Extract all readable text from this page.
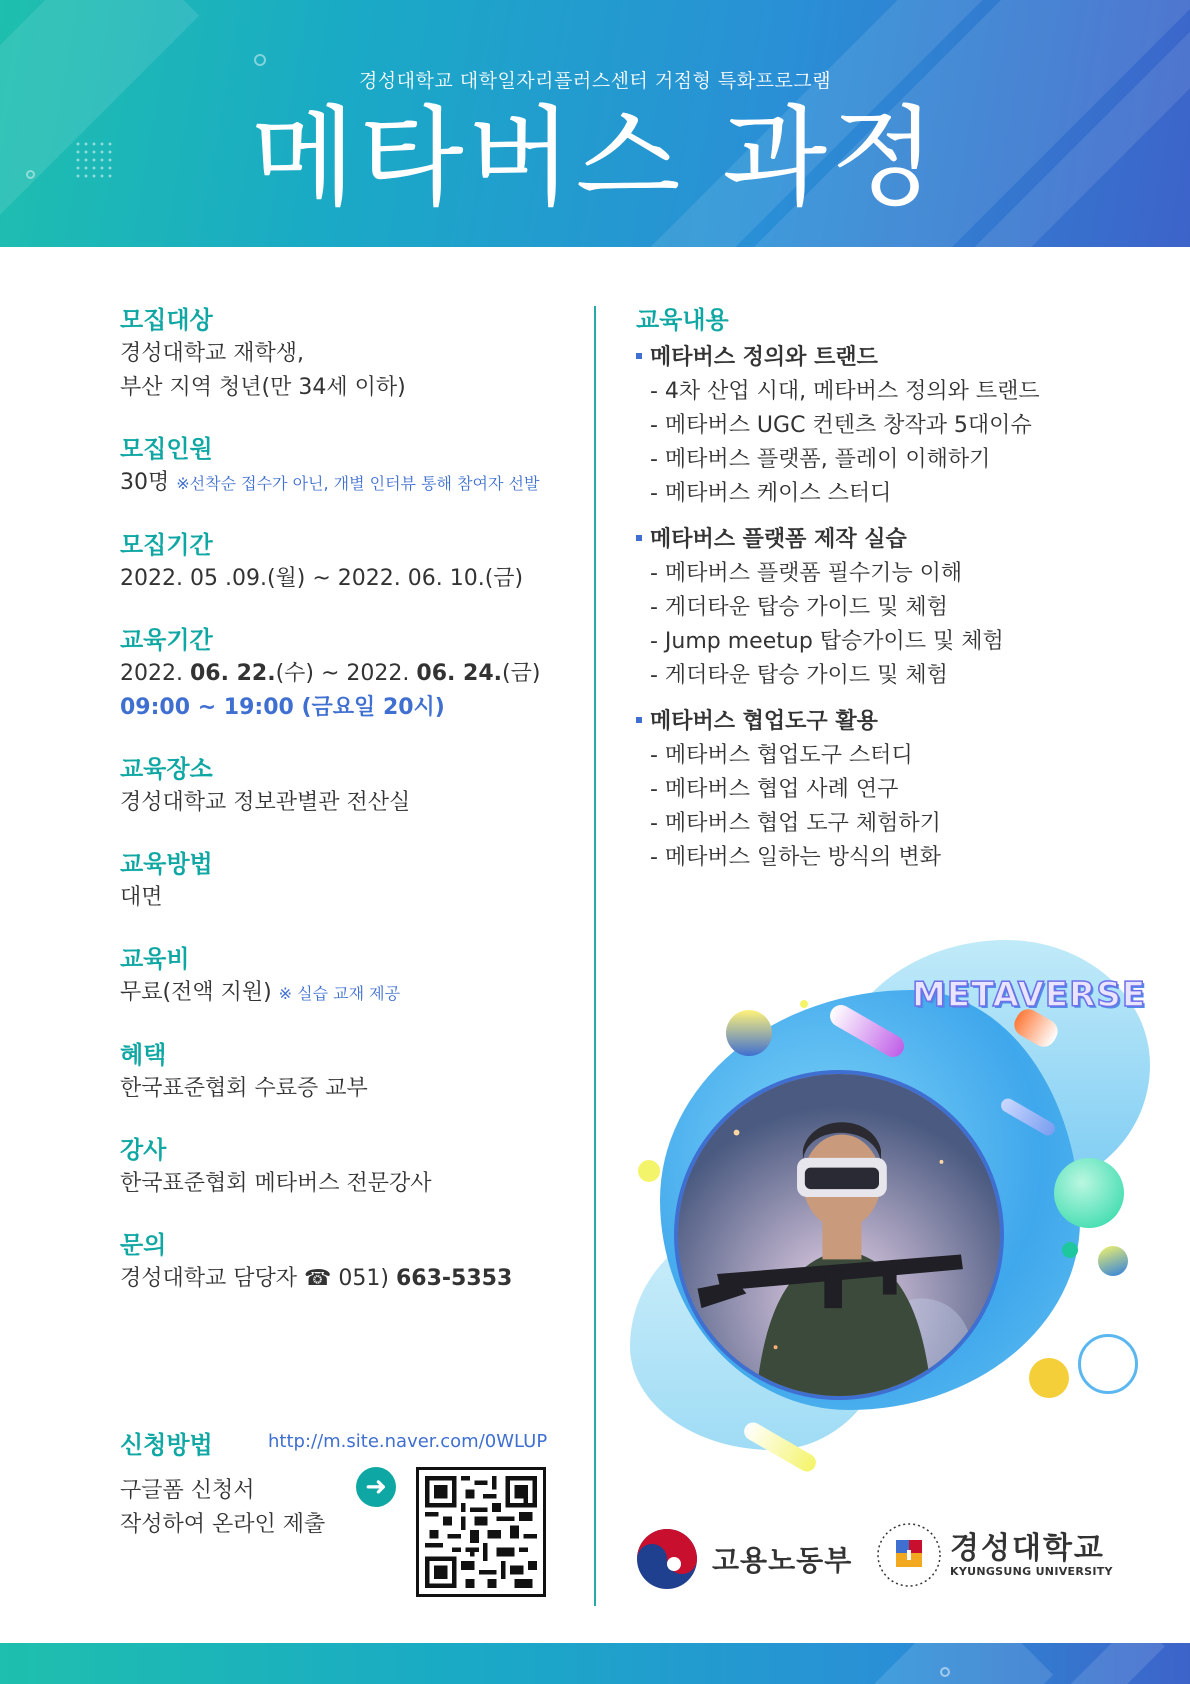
경성대학교 대학일자리플러스센터 거점형 특화프로그램
메타버스 과정
모집대상
경성대학교 재학생,
부산 지역 청년(만 34세 이하)
모집인원
30명 ※선착순 접수가 아닌, 개별 인터뷰 통해 참여자 선발
모집기간
2022. 05 .09.(월) ~ 2022. 06. 10.(금)
교육기간
2022. 06. 22.(수) ~ 2022. 06. 24.(금)
09:00 ~ 19:00 (금요일 20시)
교육장소
경성대학교 정보관별관 전산실
교육방법
대면
교육비
무료(전액 지원) ※ 실습 교재 제공
혜택
한국표준협회 수료증 교부
강사
한국표준협회 메타버스 전문강사
문의
경성대학교 담당자 ☎ 051) 663-5353
신청방법	http://m.site.naver.com/0WLUP
구글폼 신청서
작성하여 온라인 제출
➜
교육내용
메타버스 정의와 트랜드
- 4차 산업 시대, 메타버스 정의와 트랜드
- 메타버스 UGC 컨텐츠 창작과 5대이슈
- 메타버스 플랫폼, 플레이 이해하기
- 메타버스 케이스 스터디
메타버스 플랫폼 제작 실습
- 메타버스 플랫폼 필수기능 이해
- 게더타운 탑승 가이드 및 체험
- Jump meetup 탑승가이드 및 체험
- 게더타운 탑승 가이드 및 체험
메타버스 협업도구 활용
- 메타버스 협업도구 스터디
- 메타버스 협업 사례 연구
- 메타버스 협업 도구 체험하기
- 메타버스 일하는 방식의 변화
METAVERSE
고용노동부	경성대학교
KYUNGSUNG UNIVERSITY
